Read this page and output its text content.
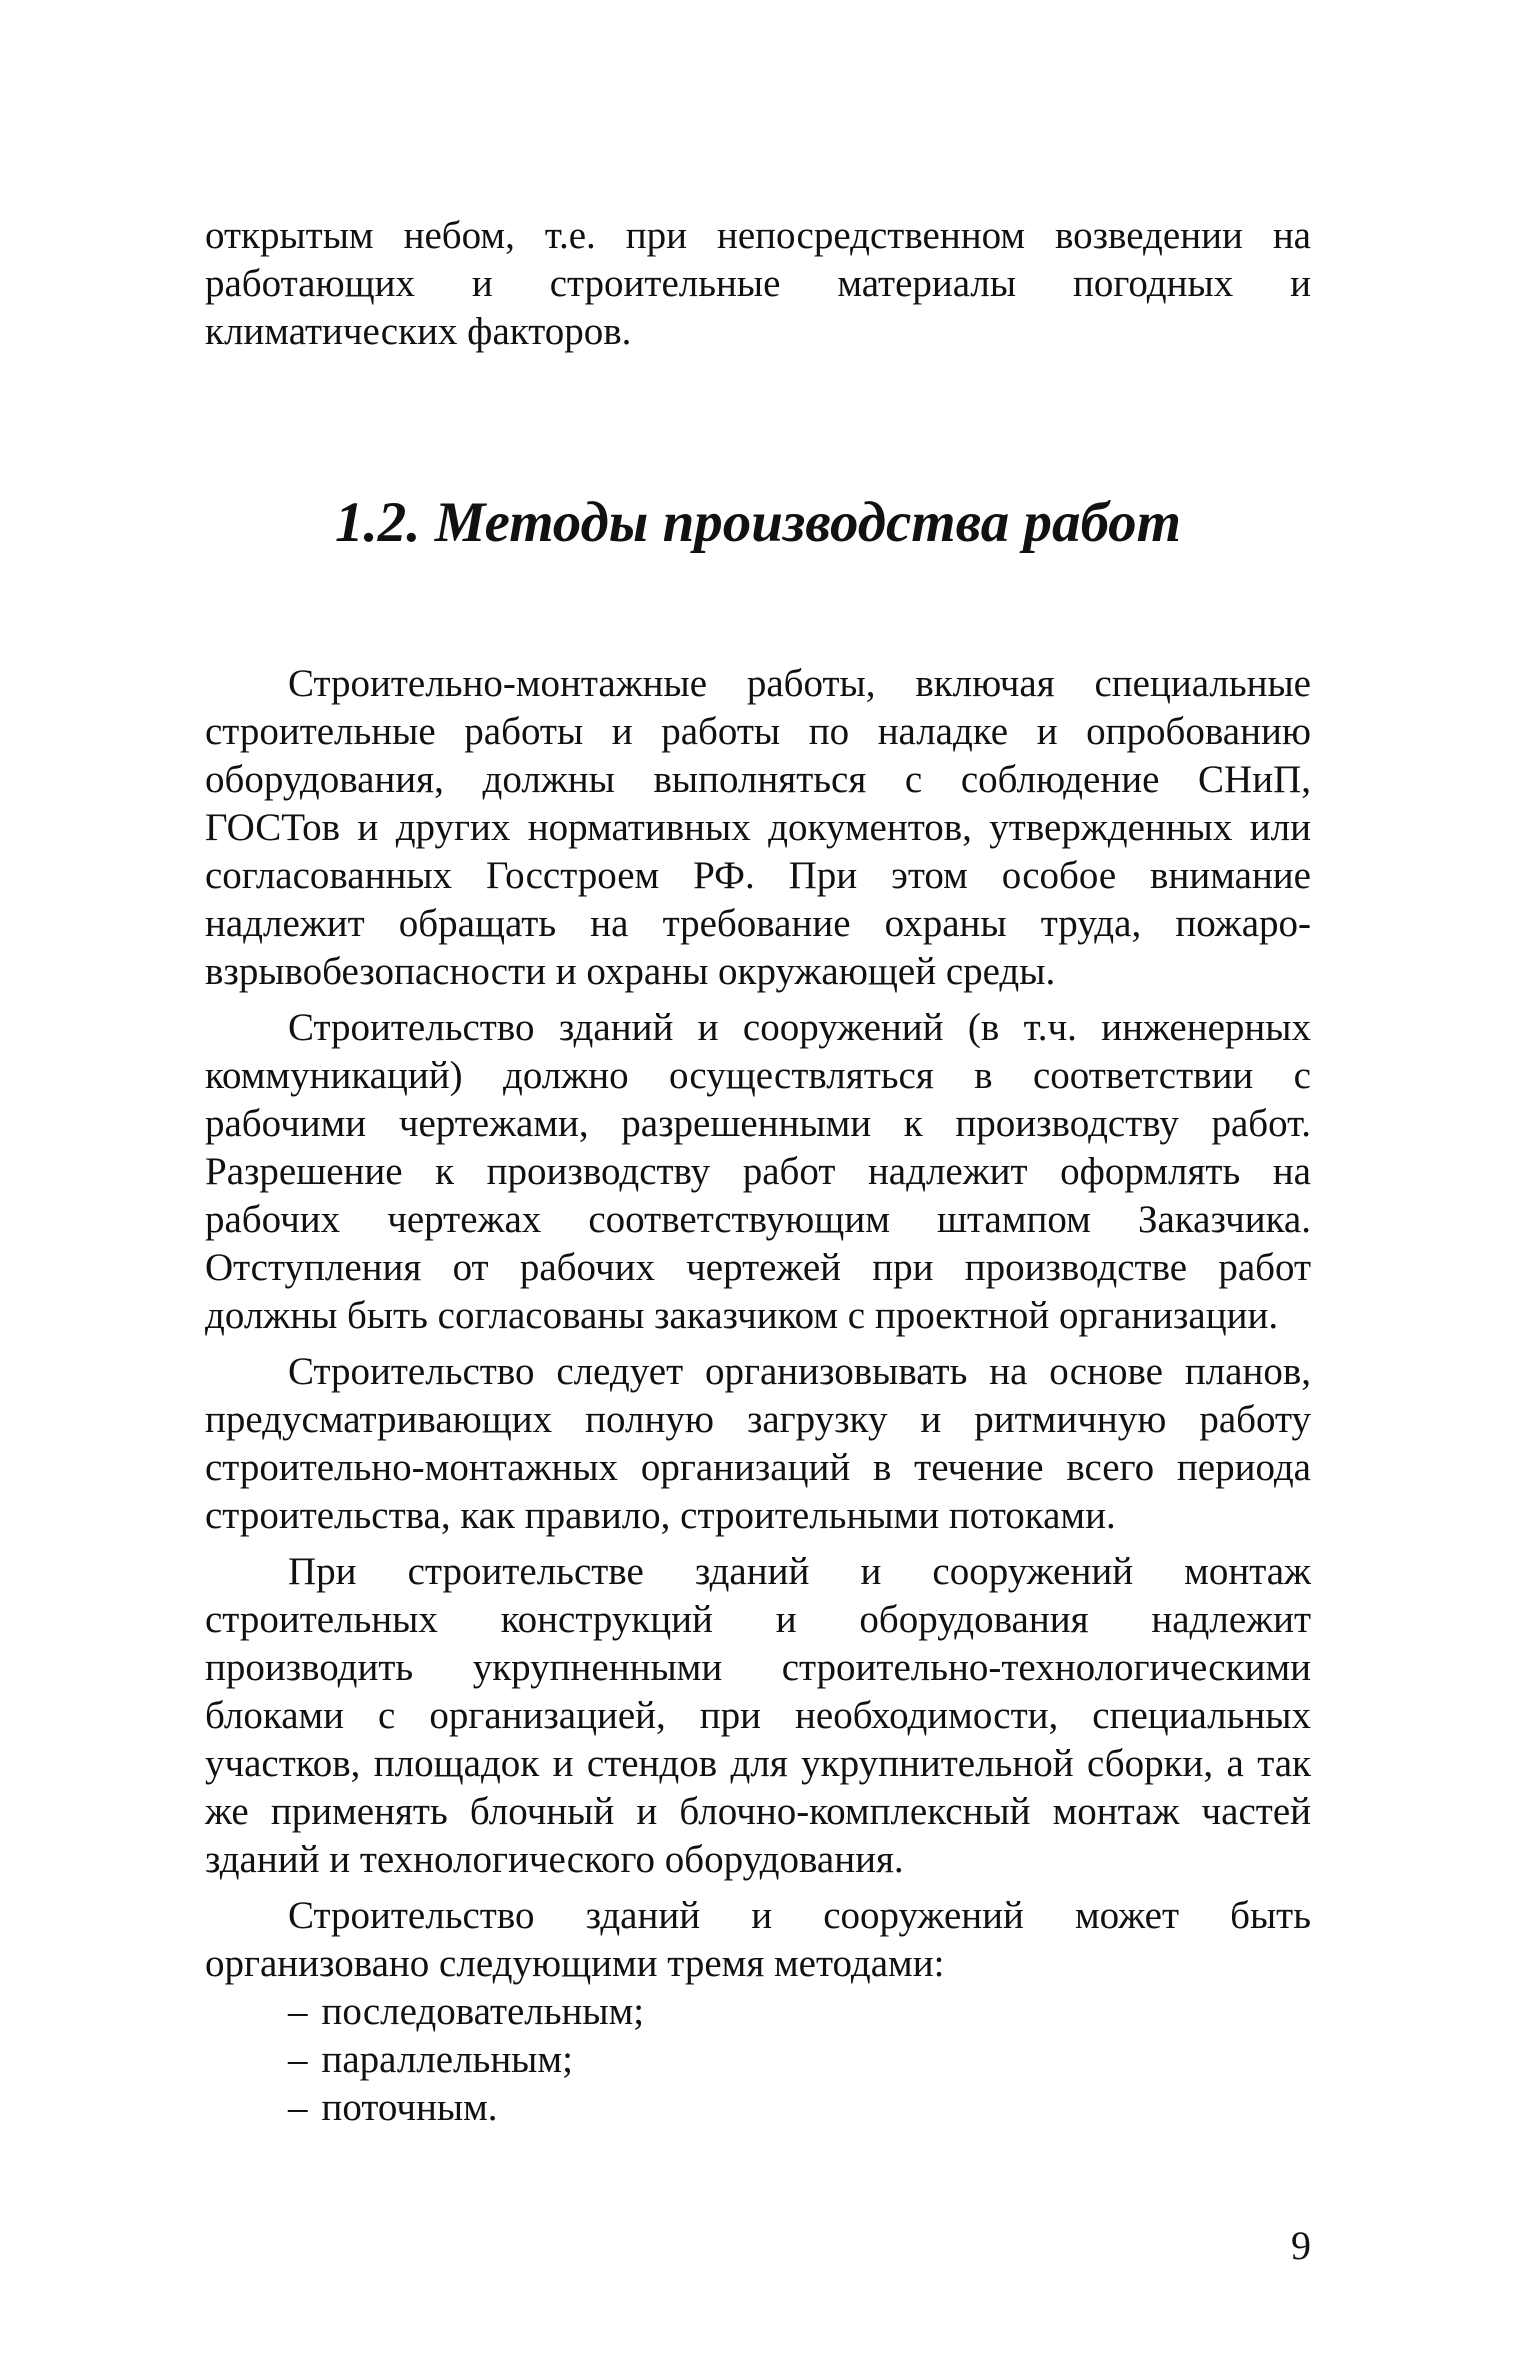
открытым небом, т.е. при непосредственном возведении на работающих и строительные материалы погодных и климатических факторов.
1.2. Методы производства работ

Строительно-монтажные работы, включая специальные строительные работы и работы по наладке и опробованию оборудования, должны выполняться с соблюдение СНиП, ГОСТов и других нормативных документов, утвержденных или согласованных Госстроем РФ. При этом особое внимание надлежит обращать на требование охраны труда, пожаро-взрывобезопасности и охраны окружающей среды.

Строительство зданий и сооружений (в т.ч. инженерных коммуникаций) должно осуществляться в соответствии с рабочими чертежами, разрешенными к производству работ. Разрешение к производству работ надлежит оформлять на рабочих чертежах соответствующим штампом Заказчика. Отступления от рабочих чертежей при производстве работ должны быть согласованы заказчиком с проектной организации.

Строительство следует организовывать на основе планов, предусматривающих полную загрузку и ритмичную работу строительно-монтажных организаций в течение всего периода строительства, как правило, строительными потоками.

При строительстве зданий и сооружений монтаж строительных конструкций и оборудования надлежит производить укрупненными строительно-технологическими блоками с организацией, при необходимости, специальных участков, площадок и стендов для укрупнительной сборки, а так же применять блочный и блочно-комплексный монтаж частей зданий и технологического оборудования.

Строительство зданий и сооружений может быть организовано следующими тремя методами:

– последовательным;
– параллельным;
– поточным.
9
